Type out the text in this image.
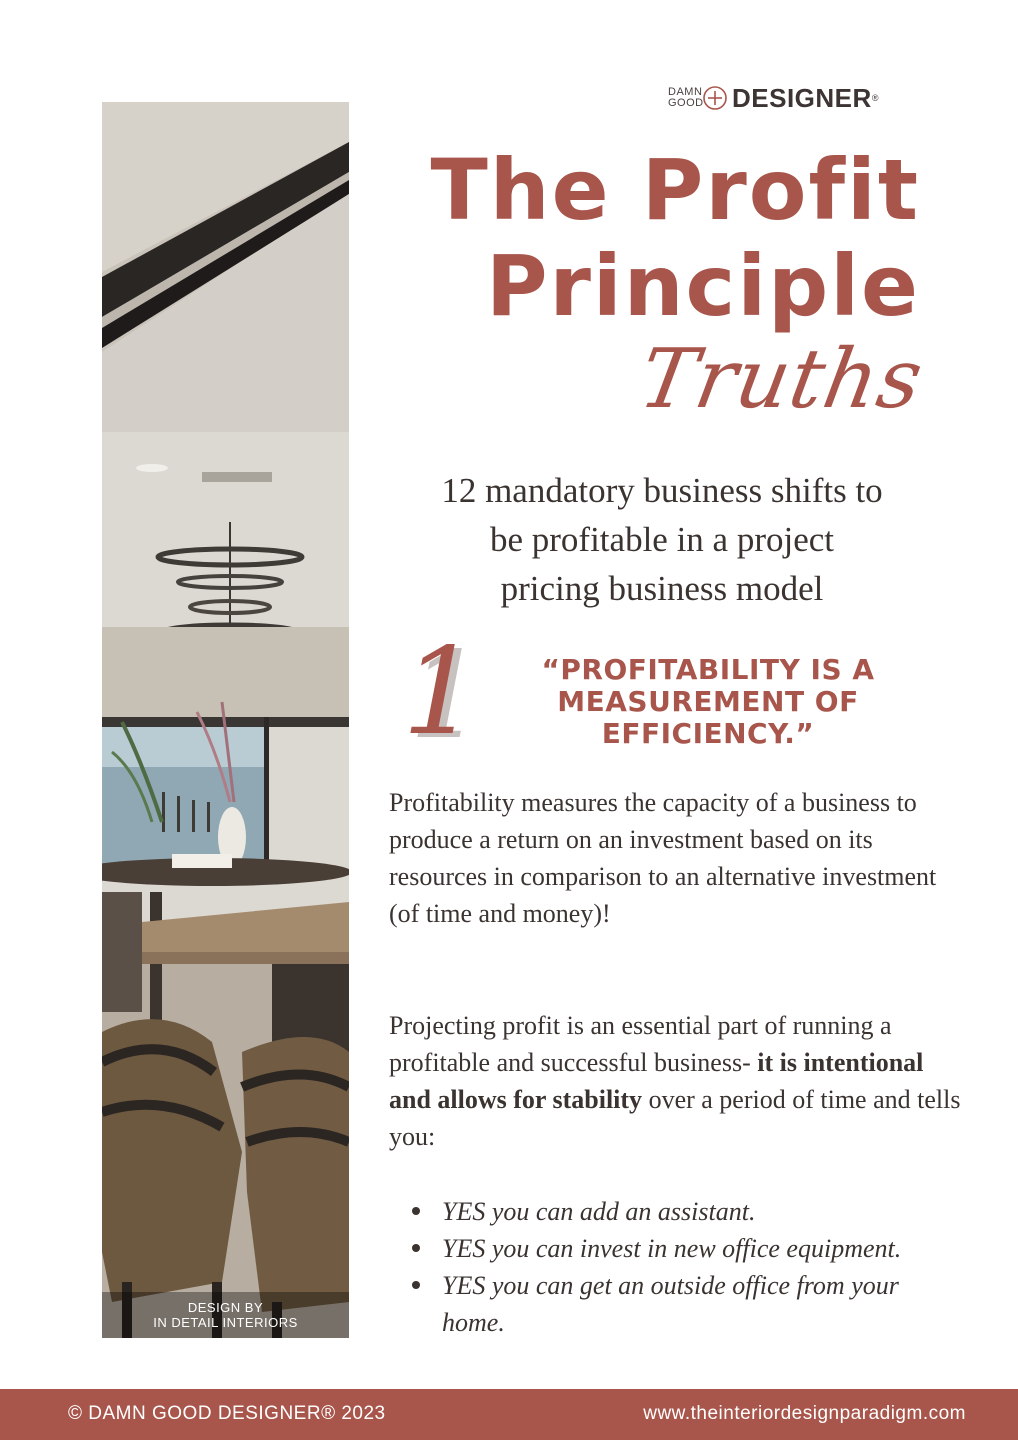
DESIGN BY
IN DETAIL INTERIORS
DAMN
GOOD DESIGNER ®
The Profit
Principle
Truths
12 mandatory business shifts to
be profitable in a project
pricing business model
1	“PROFITABILITY IS A
MEASUREMENT OF
EFFICIENCY.”

Profitability measures the capacity of a business to produce a return on an investment based on its resources in comparison to an alternative investment (of time and money)!

Projecting profit is an essential part of running a profitable and successful business- it is intentional and allows for stability over a period of time and tells you:

YES you can add an assistant.
YES you can invest in new office equipment.
YES you can get an outside office from your home.
© DAMN GOOD DESIGNER® 2023	www.theinteriordesignparadigm.com
